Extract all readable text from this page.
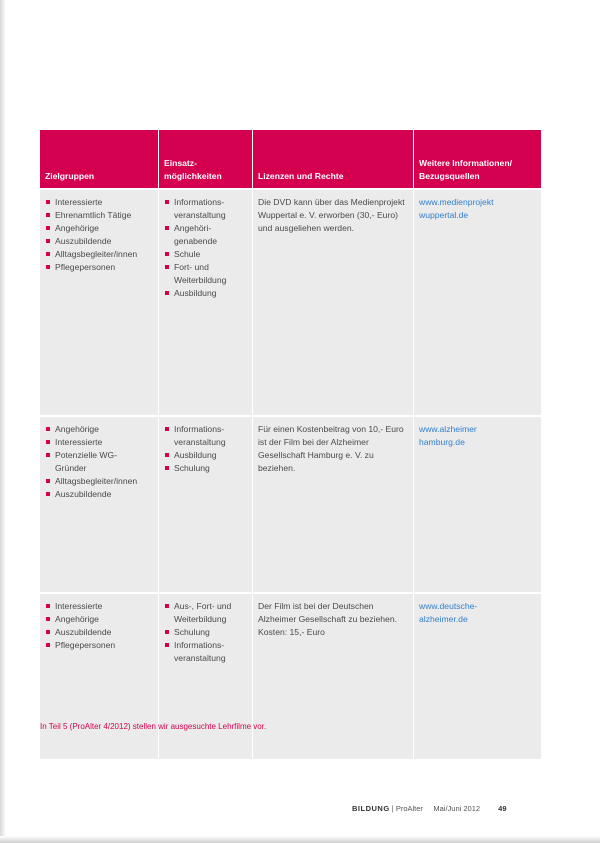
Zielgruppen
Einsatz-
möglichkeiten	Lizenzen und Rechte
Weitere Informationen/
Bezugsquellen
Interessierte
Ehrenamtlich Tätige
Angehörige
Auszubildende
Alltagsbegleiter/innen
Pflegepersonen
Informations-
veranstaltung
Angehöri-
genabende
Schule
Fort- und
Weiterbildung
Ausbildung
Die DVD kann über das Medienprojekt Wuppertal e. V. erworben (30,- Euro) und ausgeliehen werden.
www.medienprojekt
wuppertal.de
Angehörige
Interessierte
Potenzielle WG-
Gründer
Alltagsbegleiter/innen
Auszubildende
Informations-
veranstaltung
Ausbildung
Schulung
Für einen Kostenbeitrag von 10,- Euro ist der Film bei der Alzheimer Gesellschaft Hamburg e. V. zu beziehen.
www.alzheimer
hamburg.de
Interessierte
Angehörige
Auszubildende
Pflegepersonen
Aus-, Fort- und
Weiterbildung
Schulung
Informations-
veranstaltung
Der Film ist bei der Deutschen Alzheimer Gesellschaft zu beziehen. Kosten: 15,- Euro
www.deutsche-
alzheimer.de
In Teil 5 (ProAlter 4/2012) stellen wir ausgesuchte Lehrfilme vor.
BILDUNG | ProAlter Mai/Juni 2012 49
